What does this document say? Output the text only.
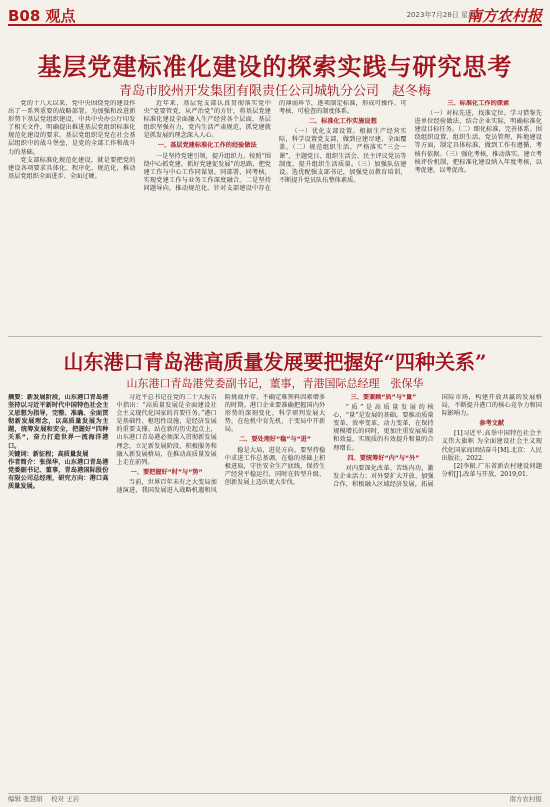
B08 观点	2023年7月28日 星期五
南方农村报
基层党建标准化建设的探索实践与研究思考
青岛市胶州开发集团有限责任公司城轨分公司　赵冬梅

党的十八大以来，党中央围绕党的建设作出了一系列重要的战略部署。为加强和改进新形势下基层党组织建设，中共中央办公厅印发了相关文件，明确提出推进基层党组织标准化规范化建设的要求。基层党组织是党在社会基层组织中的战斗堡垒，是党的全部工作和战斗力的基础。

党支部标准化规范化建设，就是要把党的建设各项要求具体化、程序化、规范化，推动基层党组织全面进步、全面过硬。

近年来，基层党支部认真贯彻落实党中央“党要管党、从严治党”的方针，将基层党建标准化建设全面融入生产经营各个层面，基层组织坚强有力，党内生活严肃规范，抓党建就是抓发展的理念深入人心。

一、基层党建标准化工作的经验做法

一是坚持党建引领，提升组织力。按照“围绕中心抓党建、抓好党建促发展”的思路，把党建工作与中心工作同谋划、同部署、同考核，实现党建工作与业务工作深度融合。二是坚持问题导向，推动规范化。针对支部建设中存在的薄弱环节，逐项制定标准，形成可操作、可考核、可检查的制度体系。

二、标准化工作实施设想

（一）优化支部设置。根据生产经营实际，科学设置党支部，做到应建尽建、全面覆盖。（二）规范组织生活。严格落实“三会一课”、主题党日、组织生活会、民主评议党员等制度，提升组织生活质量。（三）加强队伍建设。选优配强支部书记，加强党员教育培训，不断提升党员队伍整体素质。

三、标准化工作的探索

（一）对标先进，找准定位。学习借鉴先进单位经验做法，结合企业实际，明确标准化建设目标任务。（二）细化标准，完善体系。围绕组织设置、组织生活、党员管理、阵地建设等方面，制定具体标准，做到工作有遵循、考核有依据。（三）强化考核，推动落实。建立考核评价机制，把标准化建设纳入年度考核，以考促建、以考促改。

山东港口青岛港高质量发展要把握好“四种关系”
山东港口青岛港党委副书记，董事，青港国际总经理　张保华

摘要：新发展阶段，山东港口青岛港坚持以习近平新时代中国特色社会主义思想为指导，完整、准确、全面贯彻新发展理念，以高质量发展为主题，统筹发展和安全，把握好“四种关系”，奋力打造世界一流海洋港口。

关键词：新征程；高质量发展

作者简介：张保华，山东港口青岛港党委副书记、董事，青岛港国际股份有限公司总经理，研究方向：港口高质量发展。

习近平总书记在党的二十大报告中指出：“高质量发展是全面建设社会主义现代化国家的首要任务。”港口是基础性、枢纽性设施，是经济发展的重要支撑。站在新的历史起点上，山东港口青岛港必须深入贯彻新发展理念，立足新发展阶段，积极服务和融入新发展格局，在推动高质量发展上走在前列。

一、要把握好“时”与“势”

当前，世界百年未有之大变局加速演进，我国发展进入战略机遇和风险挑战并存、不确定难预料因素增多的时期。港口企业要准确把握国内外形势的深刻变化，科学研判发展大势，在危机中育先机、于变局中开新局。

二、要处理好“稳”与“进”

稳是大局，进是方向。要坚持稳中求进工作总基调，在稳的基础上积极进取，守住安全生产底线，保持生产经营平稳运行，同时在转型升级、创新发展上迈出更大步伐。

三、要兼顾“质”与“量”

“质”是高质量发展的核心，“量”是发展的基础。要推动质量变革、效率变革、动力变革，在保持规模增长的同时，更加注重发展质量和效益，实现质的有效提升和量的合理增长。

四、要统筹好“内”与“外”

对内要深化改革、苦练内功，激发企业活力；对外要扩大开放、加强合作，积极融入区域经济发展，拓展国际市场，构建开放共赢的发展格局，不断提升港口的核心竞争力和国际影响力。

参考文献

[1]习近平.高举中国特色社会主义伟大旗帜 为全面建设社会主义现代化国家而团结奋斗[M].北京：人民出版社，2022.

[2]李振.广东省新农村建设问题分析[J].改革与开放，2019,01.

编辑 张慧娟　 校对 王岩	南方农村报
